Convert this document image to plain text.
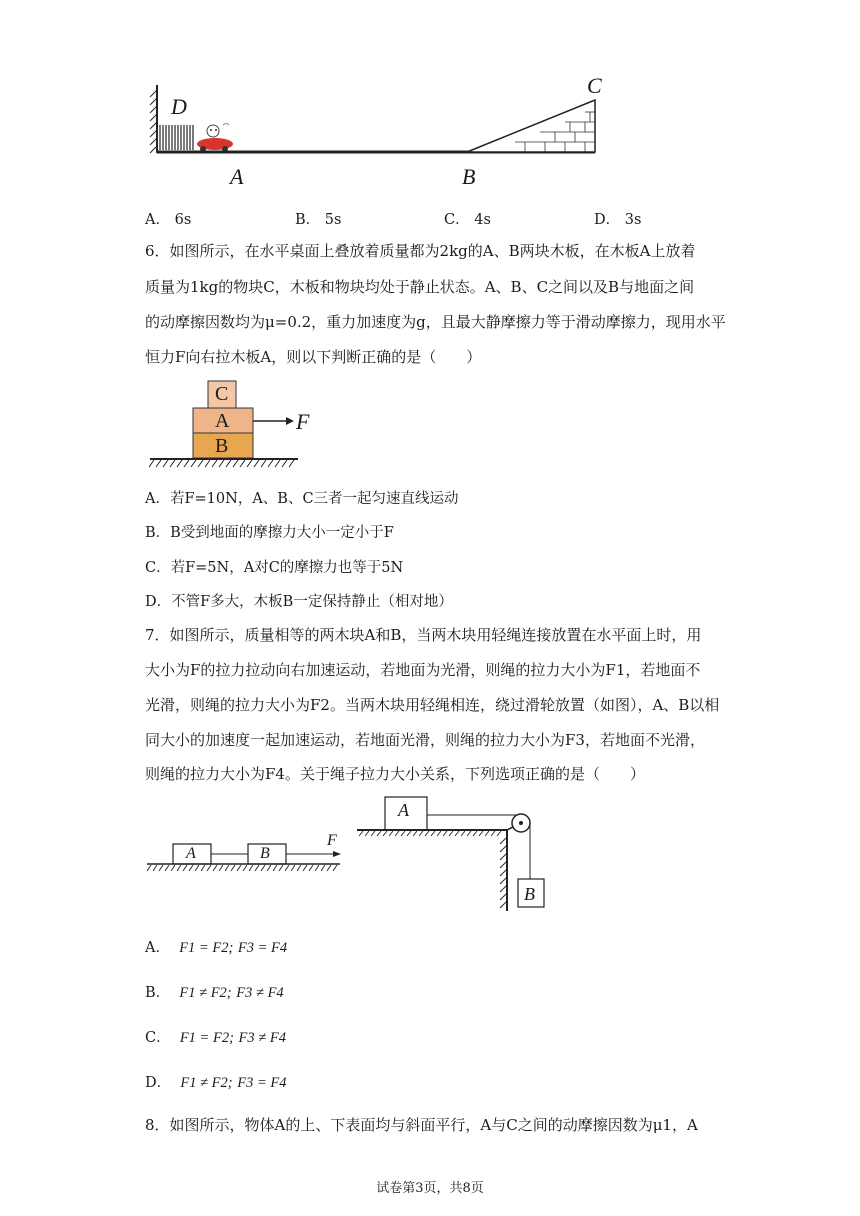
D
A	B
C
A． 6s	B． 5s	C． 4s	D． 3s
6．如图所示，在水平桌面上叠放着质量都为2kg的A、B两块木板，在木板A上放着
质量为1kg的物块C，木板和物块均处于静止状态。A、B、C之间以及B与地面之间
的动摩擦因数均为μ=0.2，重力加速度为g，且最大静摩擦力等于滑动摩擦力，现用水平
恒力F向右拉木板A，则以下判断正确的是（　　）
C
A
B
F
A．若F=10N，A、B、C三者一起匀速直线运动
B．B受到地面的摩擦力大小一定小于F
C．若F=5N，A对C的摩擦力也等于5N
D．不管F多大，木板B一定保持静止（相对地）
7．如图所示，质量相等的两木块A和B，当两木块用轻绳连接放置在水平面上时，用
大小为F的拉力拉动向右加速运动，若地面为光滑，则绳的拉力大小为F1，若地面不
光滑，则绳的拉力大小为F2。当两木块用轻绳相连，绕过滑轮放置（如图），A、B以相
同大小的加速度一起加速运动，若地面光滑，则绳的拉力大小为F3，若地面不光滑，
则绳的拉力大小为F4。关于绳子拉力大小关系，下列选项正确的是（　　）
A	B
F
A
B
A． F1 = F2; F3 = F4
B． F1 ≠ F2; F3 ≠ F4
C． F1 = F2; F3 ≠ F4
D． F1 ≠ F2; F3 = F4
8．如图所示，物体A的上、下表面均与斜面平行，A与C之间的动摩擦因数为μ1，A
试卷第3页，共8页
